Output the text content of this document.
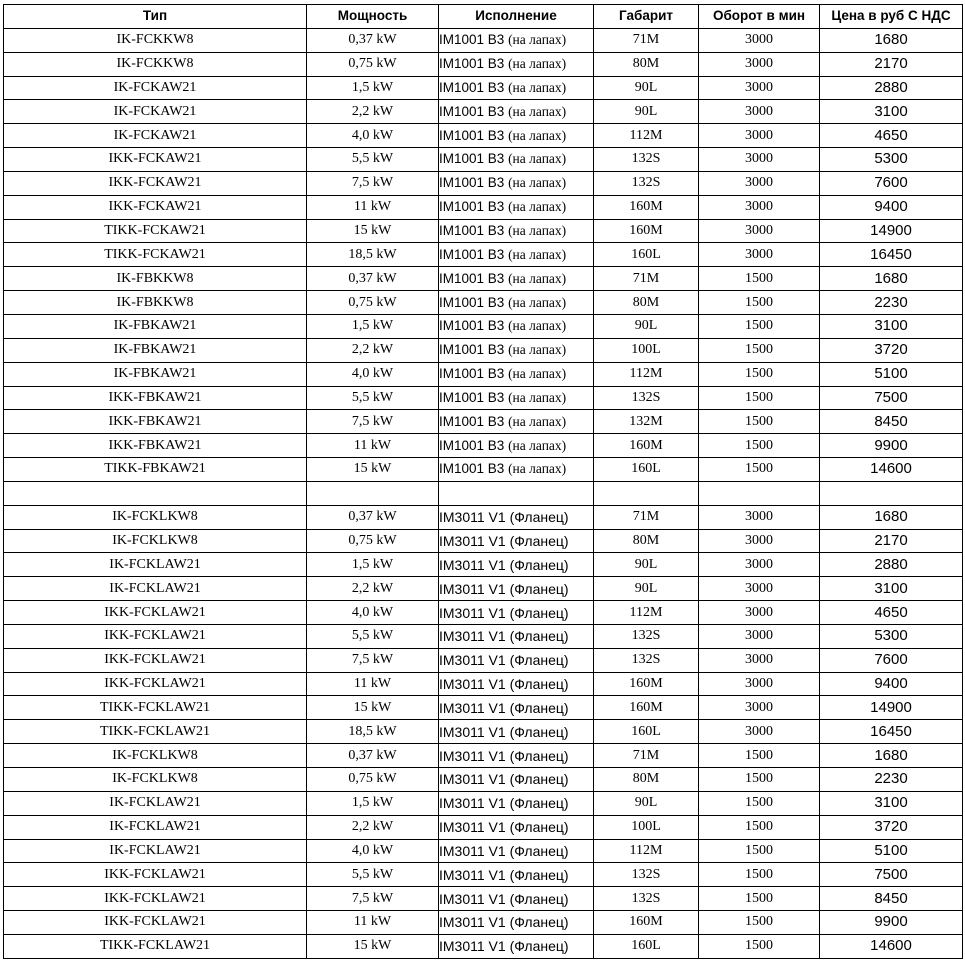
Тип	Мощность	Исполнение	Габарит	Оборот в мин	Цена в руб С НДС
IK-FCKKW8	0,37 kW	IM1001 B3 (на лапах)	71M	3000	1680
IK-FCKKW8	0,75 kW	IM1001 B3 (на лапах)	80M	3000	2170
IK-FCKAW21	1,5 kW	IM1001 B3 (на лапах)	90L	3000	2880
IK-FCKAW21	2,2 kW	IM1001 B3 (на лапах)	90L	3000	3100
IK-FCKAW21	4,0 kW	IM1001 B3 (на лапах)	112M	3000	4650
IKK-FCKAW21	5,5 kW	IM1001 B3 (на лапах)	132S	3000	5300
IKK-FCKAW21	7,5 kW	IM1001 B3 (на лапах)	132S	3000	7600
IKK-FCKAW21	11 kW	IM1001 B3 (на лапах)	160M	3000	9400
TIKK-FCKAW21	15 kW	IM1001 B3 (на лапах)	160M	3000	14900
TIKK-FCKAW21	18,5 kW	IM1001 B3 (на лапах)	160L	3000	16450
IK-FBKKW8	0,37 kW	IM1001 B3 (на лапах)	71M	1500	1680
IK-FBKKW8	0,75 kW	IM1001 B3 (на лапах)	80M	1500	2230
IK-FBKAW21	1,5 kW	IM1001 B3 (на лапах)	90L	1500	3100
IK-FBKAW21	2,2 kW	IM1001 B3 (на лапах)	100L	1500	3720
IK-FBKAW21	4,0 kW	IM1001 B3 (на лапах)	112M	1500	5100
IKK-FBKAW21	5,5 kW	IM1001 B3 (на лапах)	132S	1500	7500
IKK-FBKAW21	7,5 kW	IM1001 B3 (на лапах)	132M	1500	8450
IKK-FBKAW21	11 kW	IM1001 B3 (на лапах)	160M	1500	9900
TIKK-FBKAW21	15 kW	IM1001 B3 (на лапах)	160L	1500	14600

IK-FCKLKW8	0,37 kW	IM3011 V1 (Фланец)	71M	3000	1680
IK-FCKLKW8	0,75 kW	IM3011 V1 (Фланец)	80M	3000	2170
IK-FCKLAW21	1,5 kW	IM3011 V1 (Фланец)	90L	3000	2880
IK-FCKLAW21	2,2 kW	IM3011 V1 (Фланец)	90L	3000	3100
IKK-FCKLAW21	4,0 kW	IM3011 V1 (Фланец)	112M	3000	4650
IKK-FCKLAW21	5,5 kW	IM3011 V1 (Фланец)	132S	3000	5300
IKK-FCKLAW21	7,5 kW	IM3011 V1 (Фланец)	132S	3000	7600
IKK-FCKLAW21	11 kW	IM3011 V1 (Фланец)	160M	3000	9400
TIKK-FCKLAW21	15 kW	IM3011 V1 (Фланец)	160M	3000	14900
TIKK-FCKLAW21	18,5 kW	IM3011 V1 (Фланец)	160L	3000	16450
IK-FCKLKW8	0,37 kW	IM3011 V1 (Фланец)	71M	1500	1680
IK-FCKLKW8	0,75 kW	IM3011 V1 (Фланец)	80M	1500	2230
IK-FCKLAW21	1,5 kW	IM3011 V1 (Фланец)	90L	1500	3100
IK-FCKLAW21	2,2 kW	IM3011 V1 (Фланец)	100L	1500	3720
IK-FCKLAW21	4,0 kW	IM3011 V1 (Фланец)	112M	1500	5100
IKK-FCKLAW21	5,5 kW	IM3011 V1 (Фланец)	132S	1500	7500
IKK-FCKLAW21	7,5 kW	IM3011 V1 (Фланец)	132S	1500	8450
IKK-FCKLAW21	11 kW	IM3011 V1 (Фланец)	160M	1500	9900
TIKK-FCKLAW21	15 kW	IM3011 V1 (Фланец)	160L	1500	14600
